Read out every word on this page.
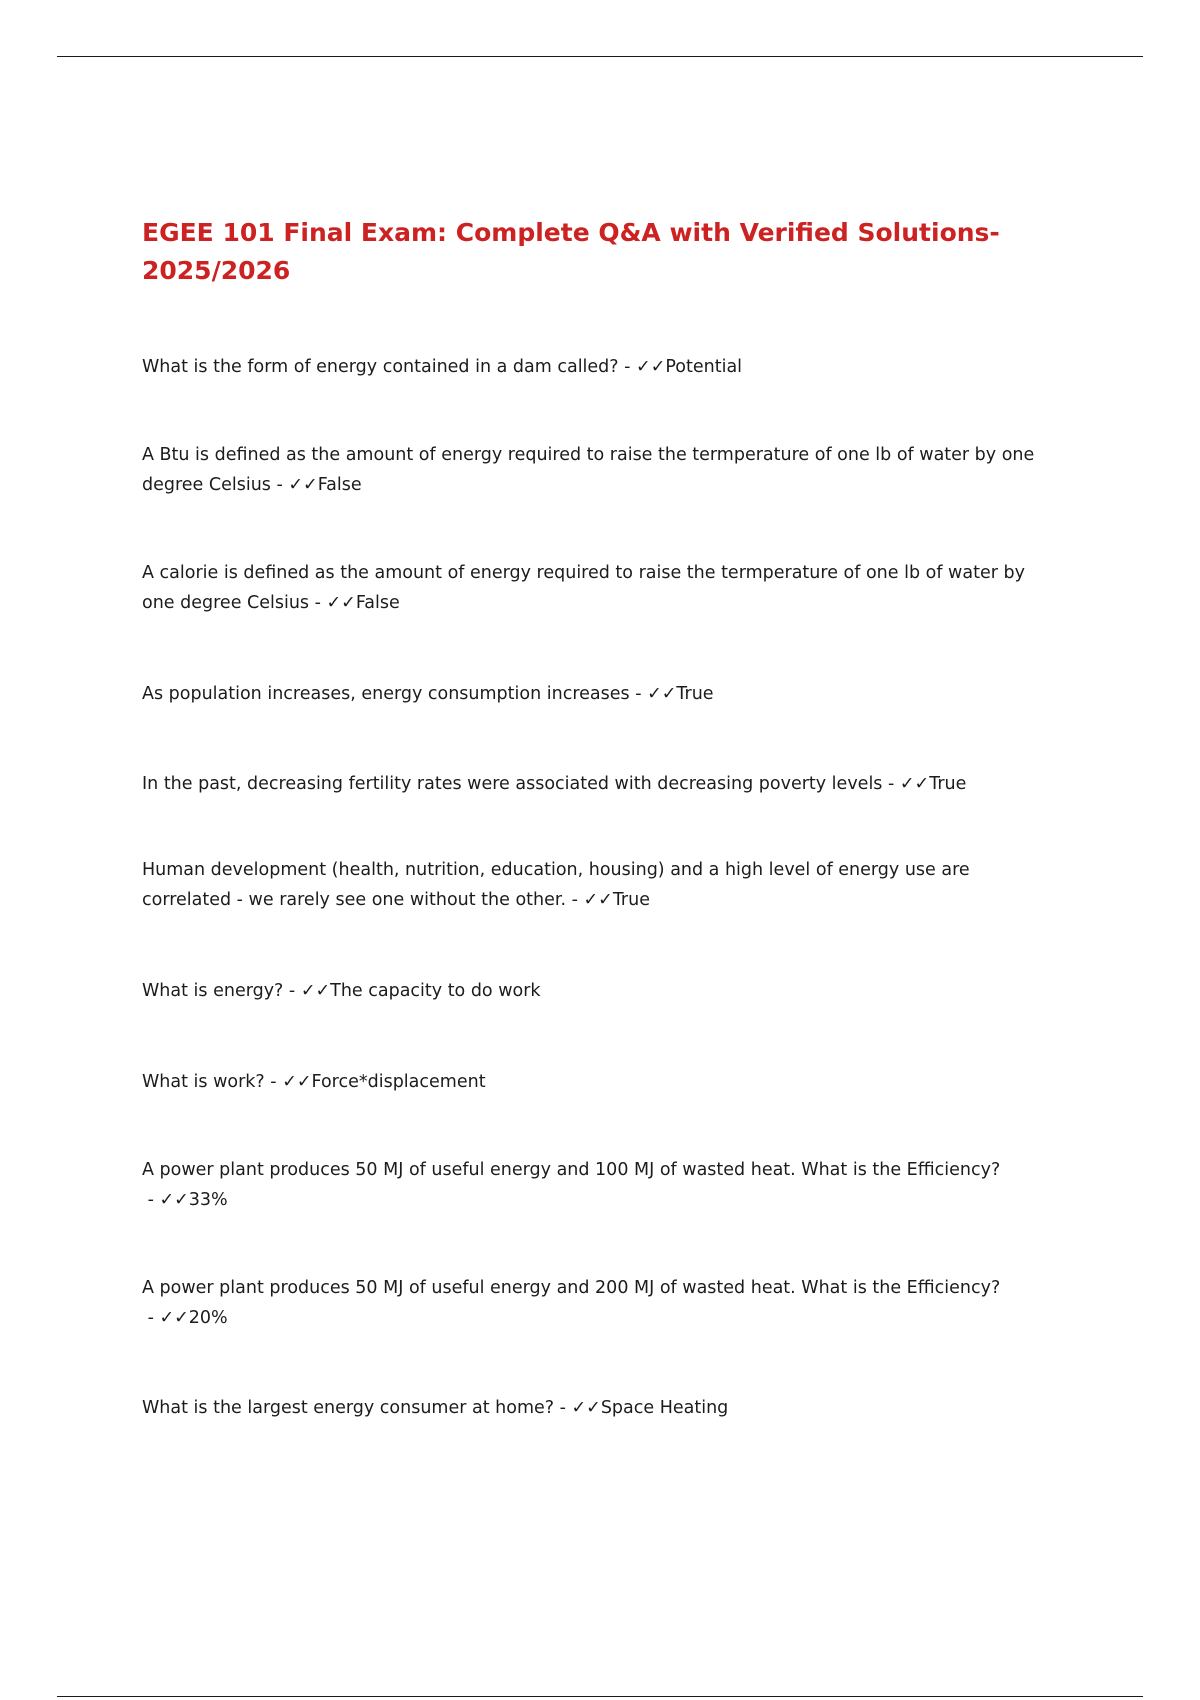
EGEE 101 Final Exam: Complete Q&A with Verified Solutions-2025/2026

What is the form of energy contained in a dam called? - ✓✓Potential

A Btu is defined as the amount of energy required to raise the termperature of one lb of water by one degree Celsius - ✓✓False

A calorie is defined as the amount of energy required to raise the termperature of one lb of water by one degree Celsius - ✓✓False

As population increases, energy consumption increases - ✓✓True

In the past, decreasing fertility rates were associated with decreasing poverty levels - ✓✓True

Human development (health, nutrition, education, housing) and a high level of energy use are correlated - we rarely see one without the other. - ✓✓True

What is energy? - ✓✓The capacity to do work

What is work? - ✓✓Force*displacement

A power plant produces 50 MJ of useful energy and 100 MJ of wasted heat. What is the Efficiency? - ✓✓33%

A power plant produces 50 MJ of useful energy and 200 MJ of wasted heat. What is the Efficiency? - ✓✓20%

What is the largest energy consumer at home? - ✓✓Space Heating
